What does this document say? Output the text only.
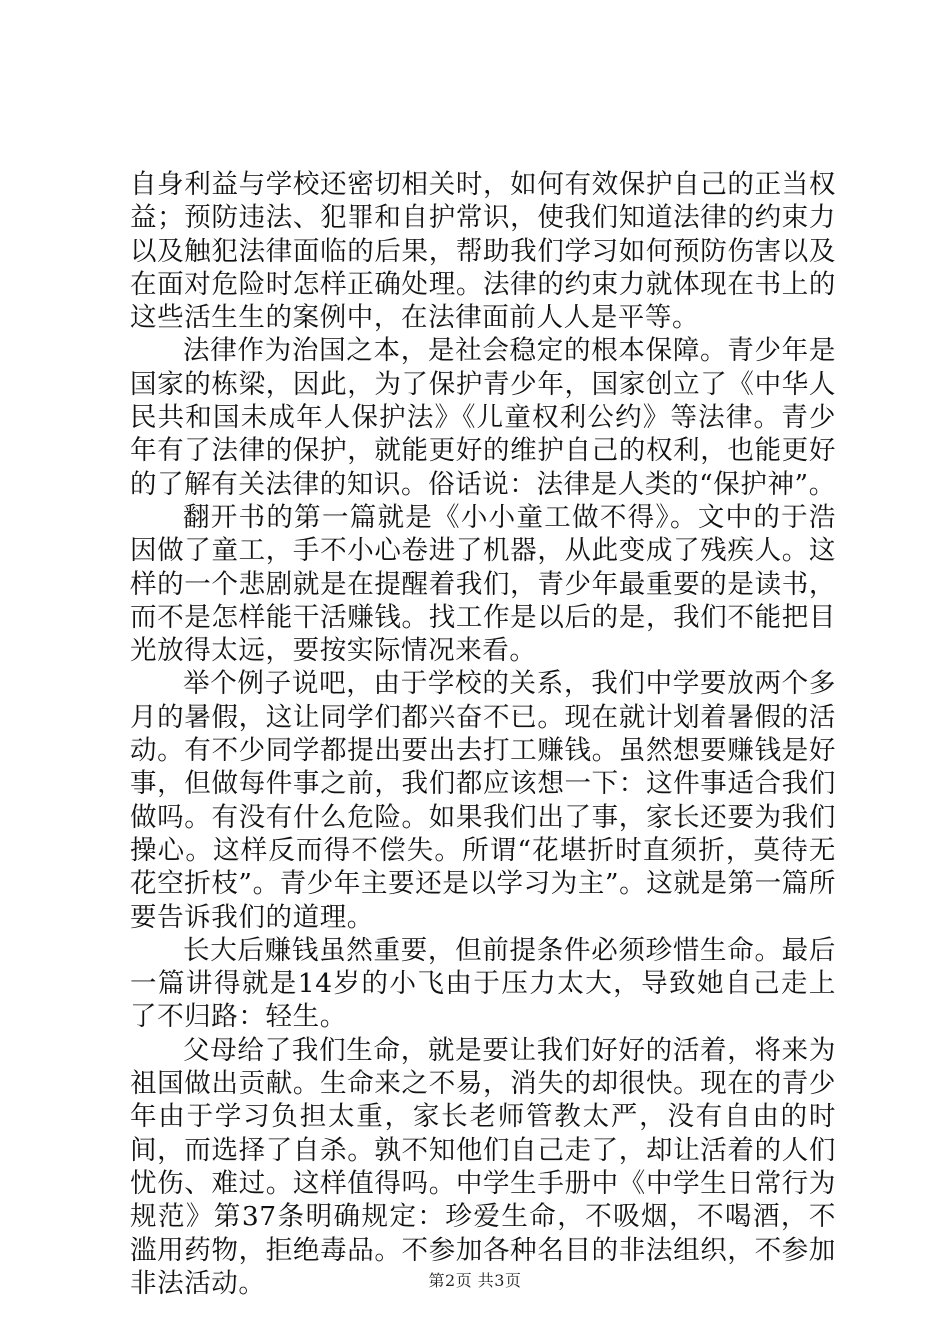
自身利益与学校还密切相关时，如何有效保护自己的正当权益；预防违法、犯罪和自护常识，使我们知道法律的约束力以及触犯法律面临的后果，帮助我们学习如何预防伤害以及在面对危险时怎样正确处理。法律的约束力就体现在书上的这些活生生的案例中，在法律面前人人是平等。

法律作为治国之本，是社会稳定的根本保障。青少年是国家的栋梁，因此，为了保护青少年，国家创立了《中华人民共和国未成年人保护法》《儿童权利公约》等法律。青少年有了法律的保护，就能更好的维护自己的权利，也能更好的了解有关法律的知识。俗话说：法律是人类的“保护神”。

翻开书的第一篇就是《小小童工做不得》。文中的于浩因做了童工，手不小心卷进了机器，从此变成了残疾人。这样的一个悲剧就是在提醒着我们，青少年最重要的是读书，而不是怎样能干活赚钱。找工作是以后的是，我们不能把目光放得太远，要按实际情况来看。

举个例子说吧，由于学校的关系，我们中学要放两个多月的暑假，这让同学们都兴奋不已。现在就计划着暑假的活动。有不少同学都提出要出去打工赚钱。虽然想要赚钱是好事，但做每件事之前，我们都应该想一下：这件事适合我们做吗。有没有什么危险。如果我们出了事，家长还要为我们操心。这样反而得不偿失。所谓“花堪折时直须折，莫待无花空折枝”。青少年主要还是以学习为主”。这就是第一篇所要告诉我们的道理。

长大后赚钱虽然重要，但前提条件必须珍惜生命。最后一篇讲得就是14岁的小飞由于压力太大，导致她自己走上了不归路：轻生。

父母给了我们生命，就是要让我们好好的活着，将来为祖国做出贡献。生命来之不易，消失的却很快。现在的青少年由于学习负担太重，家长老师管教太严，没有自由的时间，而选择了自杀。孰不知他们自己走了，却让活着的人们忧伤、难过。这样值得吗。中学生手册中《中学生日常行为规范》第37条明确规定：珍爱生命，不吸烟，不喝酒，不滥用药物，拒绝毒品。不参加各种名目的非法组织，不参加非法活动。	第2页 共3页
